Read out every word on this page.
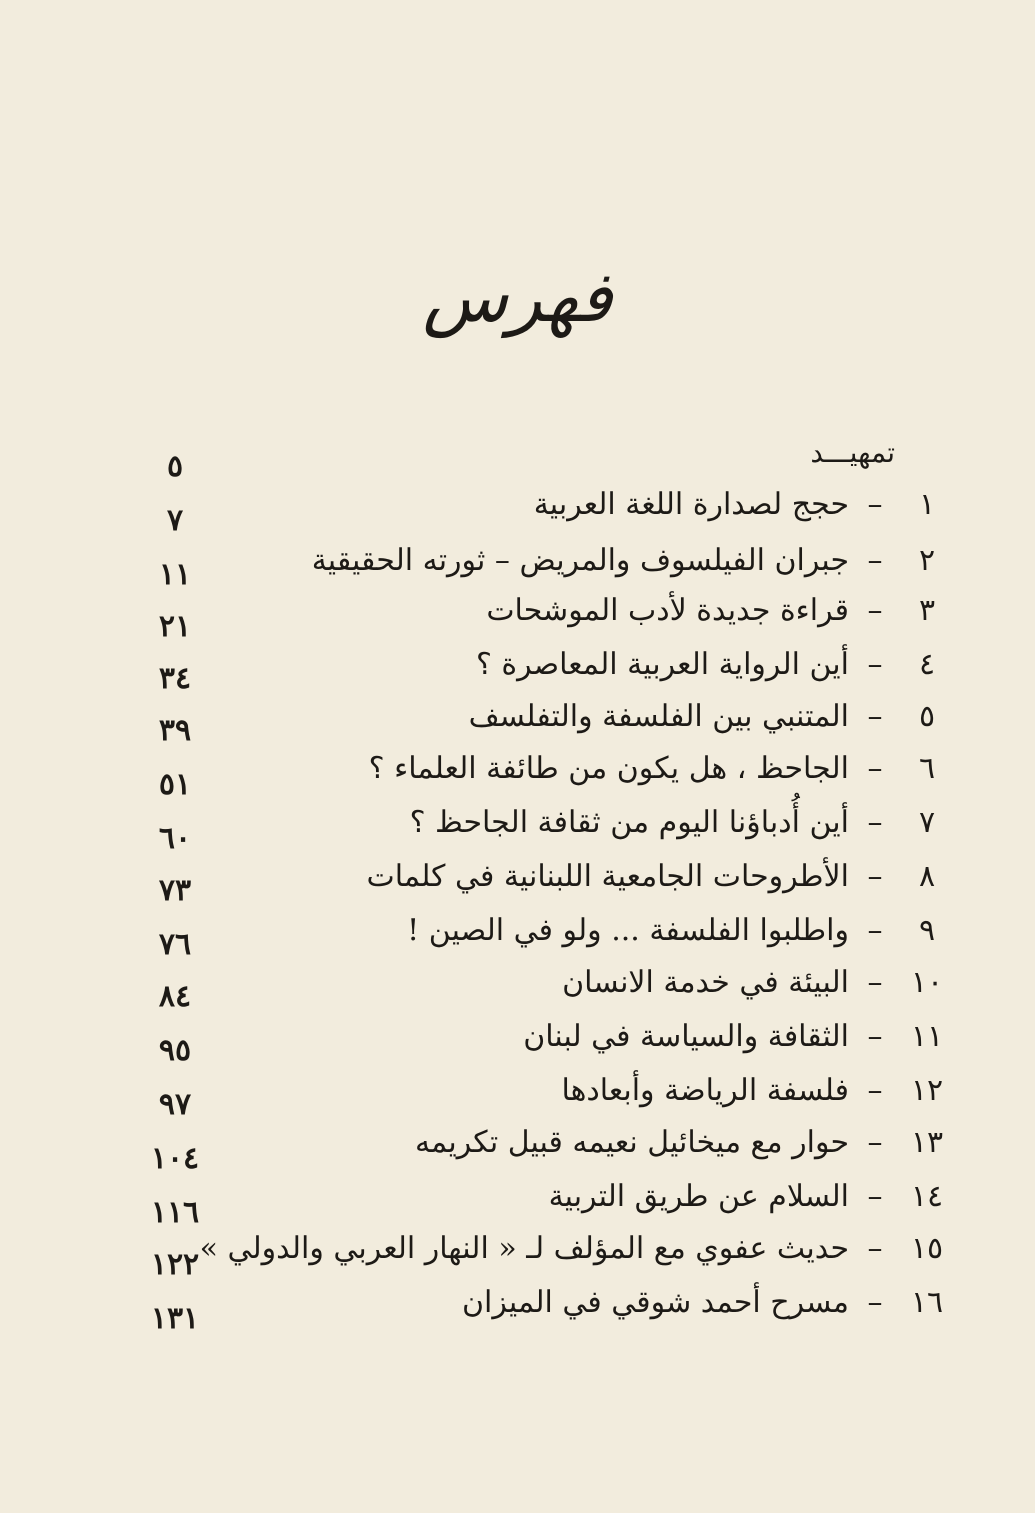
فهرس
تمهيـــد
٥
١
–
حجج لصدارة اللغة العربية
٧
٢
–
جبران الفيلسوف والمريض – ثورته الحقيقية
١١
٣
–
قراءة جديدة لأدب الموشحات
٢١
٤
–
أين الرواية العربية المعاصرة ؟
٣٤
٥
–
المتنبي بين الفلسفة والتفلسف
٣٩
٦
–
الجاحظ ، هل يكون من طائفة العلماء ؟
٥١
٧
–
أين أُدباؤنا اليوم من ثقافة الجاحظ ؟
٦٠
٨
–
الأطروحات الجامعية اللبنانية في كلمات
٧٣
٩
–
واطلبوا الفلسفة ... ولو في الصين !
٧٦
١٠
–
البيئة في خدمة الانسان
٨٤
١١
–
الثقافة والسياسة في لبنان
٩٥
١٢
–
فلسفة الرياضة وأبعادها
٩٧
١٣
–
حوار مع ميخائيل نعيمه قبيل تكريمه
١٠٤
١٤
–
السلام عن طريق التربية
١١٦
١٥
–
حديث عفوي مع المؤلف لـ « النهار العربي والدولي »
١٢٢
١٦
–
مسرح أحمد شوقي في الميزان
١٣١
